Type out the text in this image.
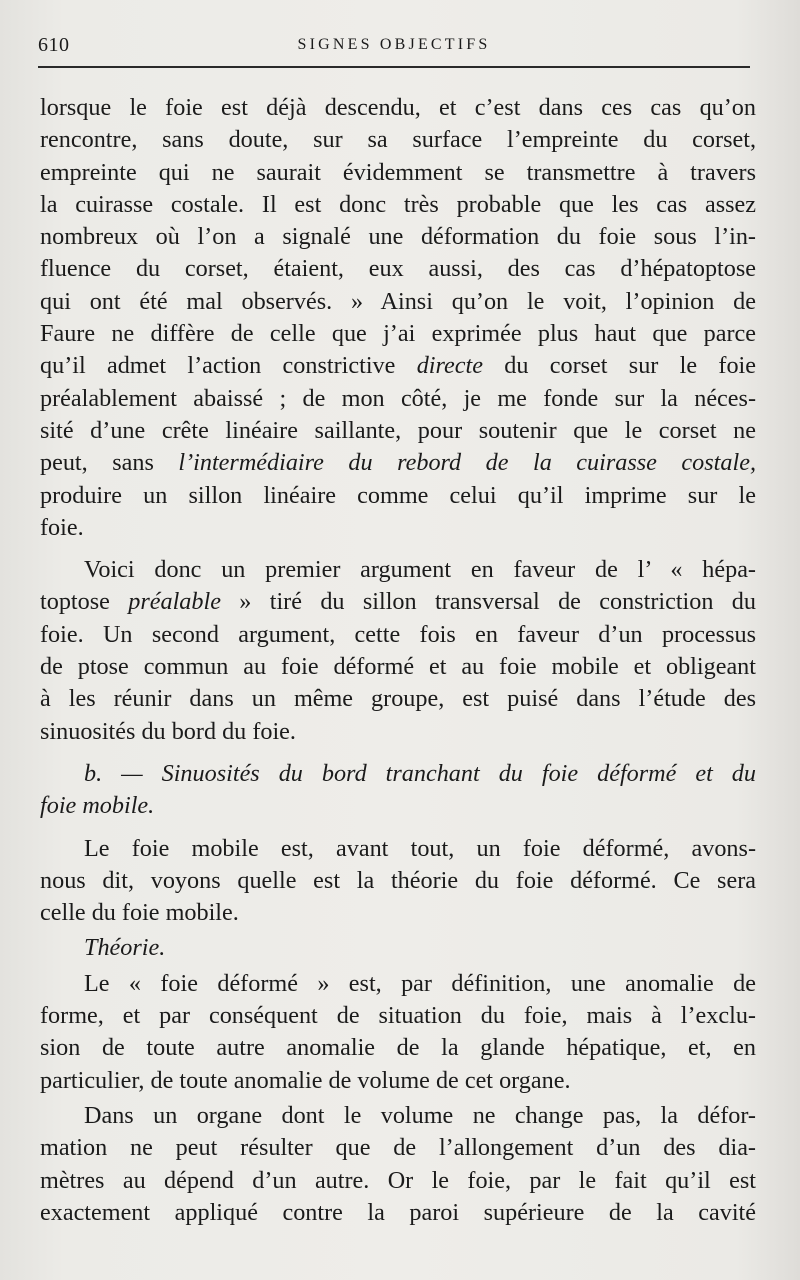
610	SIGNES OBJECTIFS
lorsque le foie est déjà descendu, et c’est dans ces cas qu’on
rencontre, sans doute, sur sa surface l’empreinte du corset,
empreinte qui ne saurait évidemment se transmettre à travers
la cuirasse costale. Il est donc très probable que les cas assez
nombreux où l’on a signalé une déformation du foie sous l’in-
fluence du corset, étaient, eux aussi, des cas d’hépatoptose
qui ont été mal observés. » Ainsi qu’on le voit, l’opinion de
Faure ne diffère de celle que j’ai exprimée plus haut que parce
qu’il admet l’action constrictive directe du corset sur le foie
préalablement abaissé ; de mon côté, je me fonde sur la néces-
sité d’une crête linéaire saillante, pour soutenir que le corset ne
peut, sans l’intermédiaire du rebord de la cuirasse costale,
produire un sillon linéaire comme celui qu’il imprime sur le
foie.
Voici donc un premier argument en faveur de l’ « hépa-
toptose préalable » tiré du sillon transversal de constriction du
foie. Un second argument, cette fois en faveur d’un processus
de ptose commun au foie déformé et au foie mobile et obligeant
à les réunir dans un même groupe, est puisé dans l’étude des
sinuosités du bord du foie.
b. — Sinuosités du bord tranchant du foie déformé et du
foie mobile.
Le foie mobile est, avant tout, un foie déformé, avons-
nous dit, voyons quelle est la théorie du foie déformé. Ce sera
celle du foie mobile.
Théorie.
Le « foie déformé » est, par définition, une anomalie de
forme, et par conséquent de situation du foie, mais à l’exclu-
sion de toute autre anomalie de la glande hépatique, et, en
particulier, de toute anomalie de volume de cet organe.
Dans un organe dont le volume ne change pas, la défor-
mation ne peut résulter que de l’allongement d’un des dia-
mètres au dépend d’un autre. Or le foie, par le fait qu’il est
exactement appliqué contre la paroi supérieure de la cavité
